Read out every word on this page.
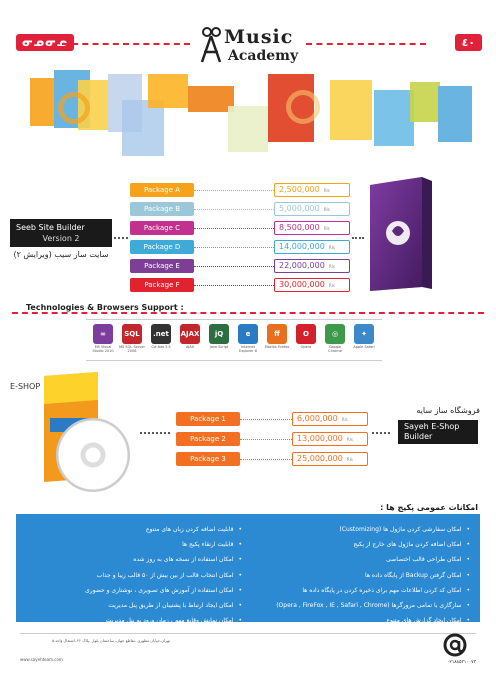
ᓂᓄᓂᓄ	Music
Academy
٤٠
Package A	2,500,000 Rls
Package B	5,000,000 Rls
Package C	8,500,000 Rls
Package D	14,000,000 Rls
Package E	22,000,000 Rls
Package F	30,000,000 Rls
Seeb Site Builder
Version 2
سایت ساز سیب (ویرایش ۲)
Technologies & Browsers Support :
∞
MS Visual Studio 2010
SQL
MS SQL Server 2008
.net
C#.Net 3.5
AJAX
AJAX
jQ
Java Script
e
Internet Explorer 8
ff
Mozilla Firefox
O
Opera
◎
Google Chrome
✦
Apple Safari
E-SHOP
Package 1	6,000,000 Rls
Package 2	13,000,000 Rls
Package 3	25,000,000 Rls
فروشگاه ساز سایه
Sayeh E-Shop
Builder
امکانات عمومی پکیج ها :
• امکان سفارشی کردن ماژول ها (Customizing)
• امکان اضافه کردن ماژول های خارج از پکیج
• امکان طراحی قالب اختصاصی
• امکان گرفتن Backup از پایگاه داده ها
• امکان کد کردن اطلاعات مهم برای ذخیره کردن در پایگاه داده ها
• سازگاری با تمامی مرورگرها (Opera , FireFox , IE , Safari , Chrome)
• امکان ایجاد گزارش های متنوع
• قابلیت اضافه کردن زبان های متنوع
• قابلیت ارتقاء پکیج ها
• امکان استفاده از نسخه های به روز شده
• امکان انتخاب قالب از بین بیش از ۵۰ قالب زیبا و جذاب
• امکان استفاده از آموزش های تصویری ، نوشتاری و حضوری
• امکان ایجاد ارتباط با پشتیبان از طریق پنل مدیریت
• امکان نمایش وقایع مهم ، زمان ورود به پنل مدیریت
تهران،خیابان مطهری ،تقاطع جهان، ساختمان بلوار ،پلاک ۲۲ ،اشتغال واحد ۵
www.sayehteam.com
۰۲۱۸۸۵۳۱۰۰۷۳
